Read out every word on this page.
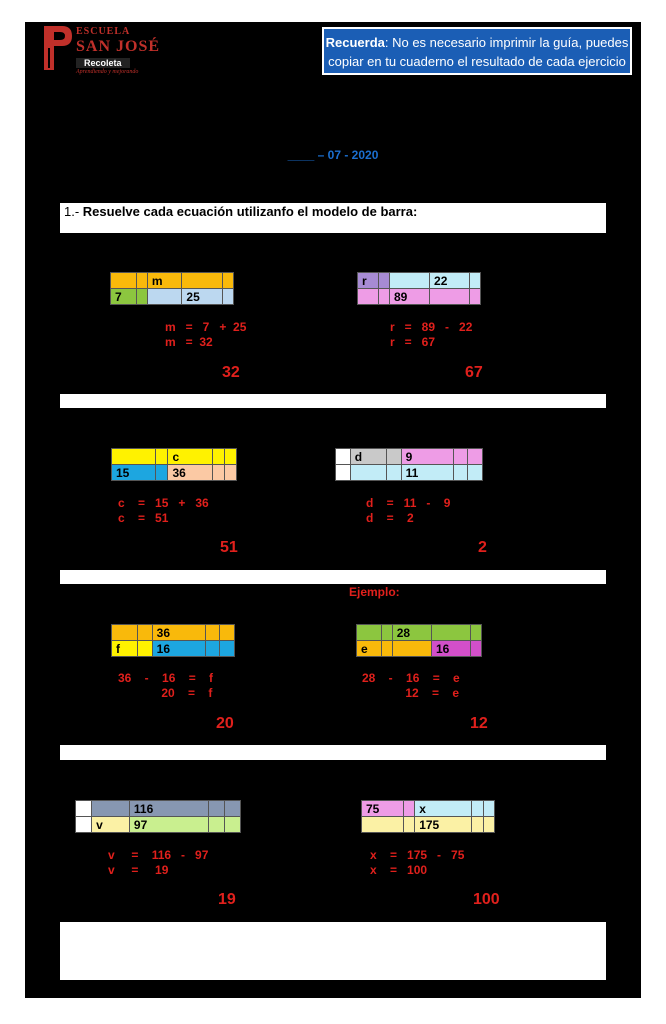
ESCUELA
SAN JOSÉ
Recoleta
Aprendiendo y mejorando
Recuerda: No es necesario imprimir la guía, puedes copiar en tu cuaderno el resultado de cada ejercicio
____ – 07 - 2020
1.- Resuelve cada ecuación utilizanfo el modelo de barra:
Ejemplo:
		m		
7			25	
m   =   7   +  25
m   =  32
32
r			22	
		89		
r   =   89   -   22
r   =   67
67
		c		
15		36		
c    =   15   +   36
c    =   51
51
	d		9		
			11		
d    =   11   -    9
d    =    2
2
		36		
f		16		
36    -    16    =    f
20    =    f
20
		28		
e			16	
28    -    16    =    e
12    =    e
12
		116		
	v	97		
v     =    116   -   97
v     =     19
19
75		x		
		175		
x    =   175   -   75
x    =   100
100
